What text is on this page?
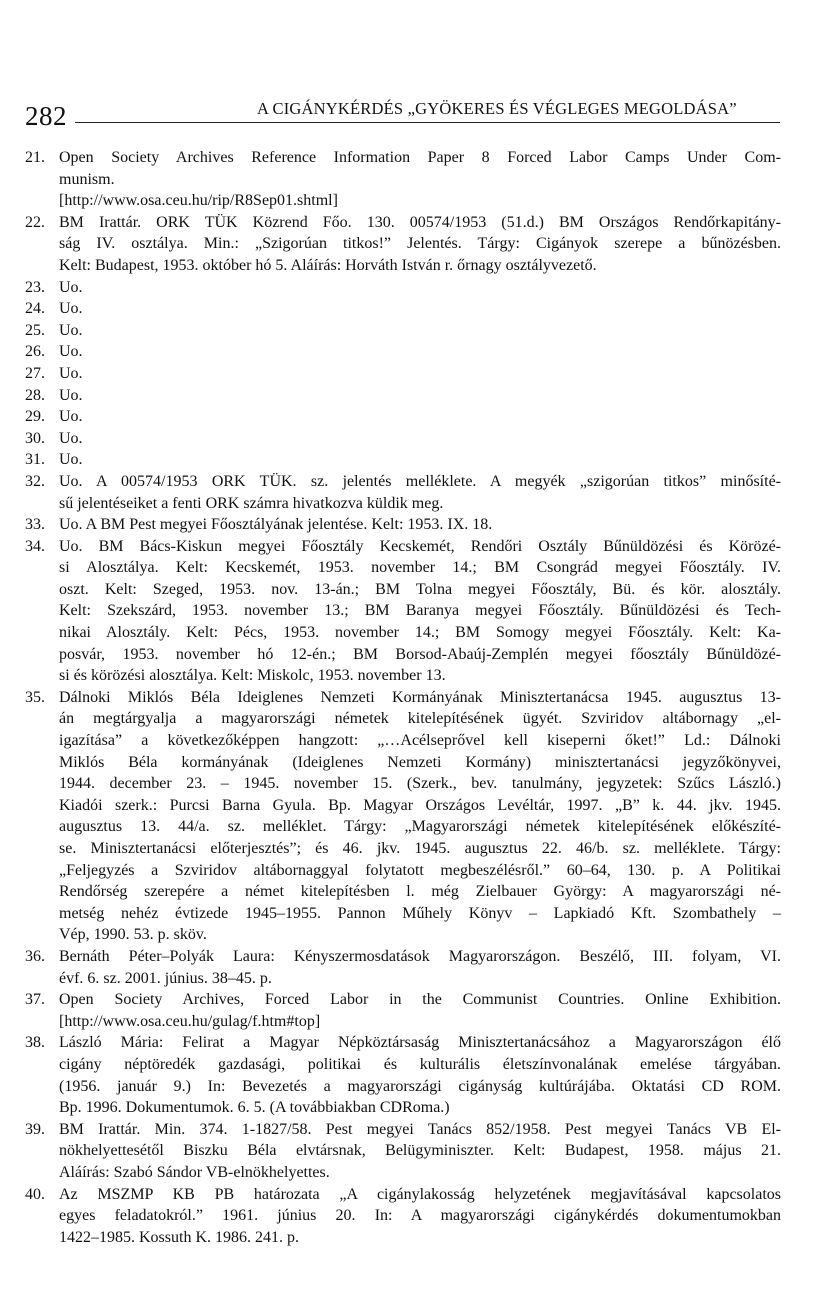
282	A CIGÁNYKÉRDÉS „GYÖKERES ÉS VÉGLEGES MEGOLDÁSA”
21. Open Society Archives Reference Information Paper 8 Forced Labor Camps Under Com-
munism.
[http://www.osa.ceu.hu/rip/R8Sep01.shtml]
22. BM Irattár. ORK TÜK Közrend Főo. 130. 00574/1953 (51.d.) BM Országos Rendőrkapitány-
ság IV. osztálya. Min.: „Szigorúan titkos!” Jelentés. Tárgy: Cigányok szerepe a bűnözésben.
Kelt: Budapest, 1953. október hó 5. Aláírás: Horváth István r. őrnagy osztályvezető.
23. Uo.
24. Uo.
25. Uo.
26. Uo.
27. Uo.
28. Uo.
29. Uo.
30. Uo.
31. Uo.
32. Uo. A 00574/1953 ORK TÜK. sz. jelentés melléklete. A megyék „szigorúan titkos” minősíté-
sű jelentéseiket a fenti ORK számra hivatkozva küldik meg.
33. Uo. A BM Pest megyei Főosztályának jelentése. Kelt: 1953. IX. 18.
34. Uo. BM Bács-Kiskun megyei Főosztály Kecskemét, Rendőri Osztály Bűnüldözési és Körözé-
si Alosztálya. Kelt: Kecskemét, 1953. november 14.; BM Csongrád megyei Főosztály. IV.
oszt. Kelt: Szeged, 1953. nov. 13-án.; BM Tolna megyei Főosztály, Bü. és kör. alosztály.
Kelt: Szekszárd, 1953. november 13.; BM Baranya megyei Főosztály. Bűnüldözési és Tech-
nikai Alosztály. Kelt: Pécs, 1953. november 14.; BM Somogy megyei Főosztály. Kelt: Ka-
posvár, 1953. november hó 12-én.; BM Borsod-Abaúj-Zemplén megyei főosztály Bűnüldözé-
si és körözési alosztálya. Kelt: Miskolc, 1953. november 13.
35. Dálnoki Miklós Béla Ideiglenes Nemzeti Kormányának Minisztertanácsa 1945. augusztus 13-
án megtárgyalja a magyarországi németek kitelepítésének ügyét. Szviridov altábornagy „el-
igazítása” a következőképpen hangzott: „…Acélseprővel kell kiseperni őket!” Ld.: Dálnoki
Miklós Béla kormányának (Ideiglenes Nemzeti Kormány) minisztertanácsi jegyzőkönyvei,
1944. december 23. – 1945. november 15. (Szerk., bev. tanulmány, jegyzetek: Szűcs László.)
Kiadói szerk.: Purcsi Barna Gyula. Bp. Magyar Országos Levéltár, 1997. „B” k. 44. jkv. 1945.
augusztus 13. 44/a. sz. melléklet. Tárgy: „Magyarországi németek kitelepítésének előkészíté-
se. Minisztertanácsi előterjesztés”; és 46. jkv. 1945. augusztus 22. 46/b. sz. melléklete. Tárgy:
„Feljegyzés a Szviridov altábornaggyal folytatott megbeszélésről.” 60–64, 130. p. A Politikai
Rendőrség szerepére a német kitelepítésben l. még Zielbauer György: A magyarországi né-
metség nehéz évtizede 1945–1955. Pannon Műhely Könyv – Lapkiadó Kft. Szombathely –
Vép, 1990. 53. p. sköv.
36. Bernáth Péter–Polyák Laura: Kényszermosdatások Magyarországon. Beszélő, III. folyam, VI.
évf. 6. sz. 2001. június. 38–45. p.
37. Open Society Archives, Forced Labor in the Communist Countries. Online Exhibition.
[http://www.osa.ceu.hu/gulag/f.htm#top]
38. László Mária: Felirat a Magyar Népköztársaság Minisztertanácsához a Magyarországon élő
cigány néptöredék gazdasági, politikai és kulturális életszínvonalának emelése tárgyában.
(1956. január 9.) In: Bevezetés a magyarországi cigányság kultúrájába. Oktatási CD ROM.
Bp. 1996. Dokumentumok. 6. 5. (A továbbiakban CDRoma.)
39. BM Irattár. Min. 374. 1-1827/58. Pest megyei Tanács 852/1958. Pest megyei Tanács VB El-
nökhelyettesétől Biszku Béla elvtársnak, Belügyminiszter. Kelt: Budapest, 1958. május 21.
Aláírás: Szabó Sándor VB-elnökhelyettes.
40. Az MSZMP KB PB határozata „A cigánylakosság helyzetének megjavításával kapcsolatos
egyes feladatokról.” 1961. június 20. In: A magyarországi cigánykérdés dokumentumokban
1422–1985. Kossuth K. 1986. 241. p.
